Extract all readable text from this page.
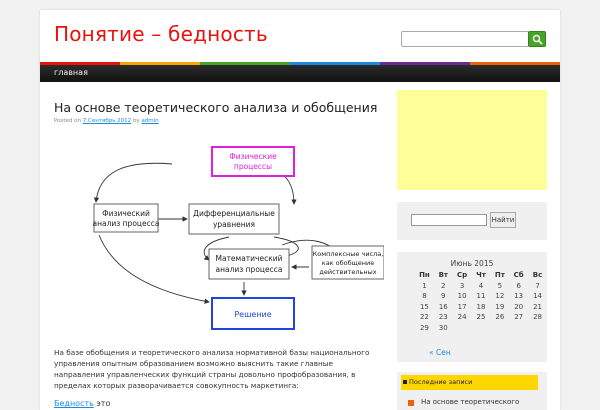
Понятие – бедность
главная
На основе теоретического анализа и обобщения
Posted on 7 Сентябрь 2012 by admin
Физические
процессы
Физический
анализ процесса
Дифференциальные
уравнения
Математический
анализ процесса
Комплексные числа,
как обобщение
действительных
Решение
На базе обобщения и теоретического анализа нормативной базы национального управления опытным образованием возможно выяснить такие главные направления управленческих функций страны довольно профобразования, в пределах которых разворачивается совокупность маркетинга:
Бедность это
Найти
Июнь 2015
Пн	Вт	Ср	Чт	Пт	Сб	Вс
1	2	3	4	5	6	7
8	9	10	11	12	13	14
15	16	17	18	19	20	21
22	23	24	25	26	27	28
29	30					
« Сен
Последние записи
На основе теоретического
